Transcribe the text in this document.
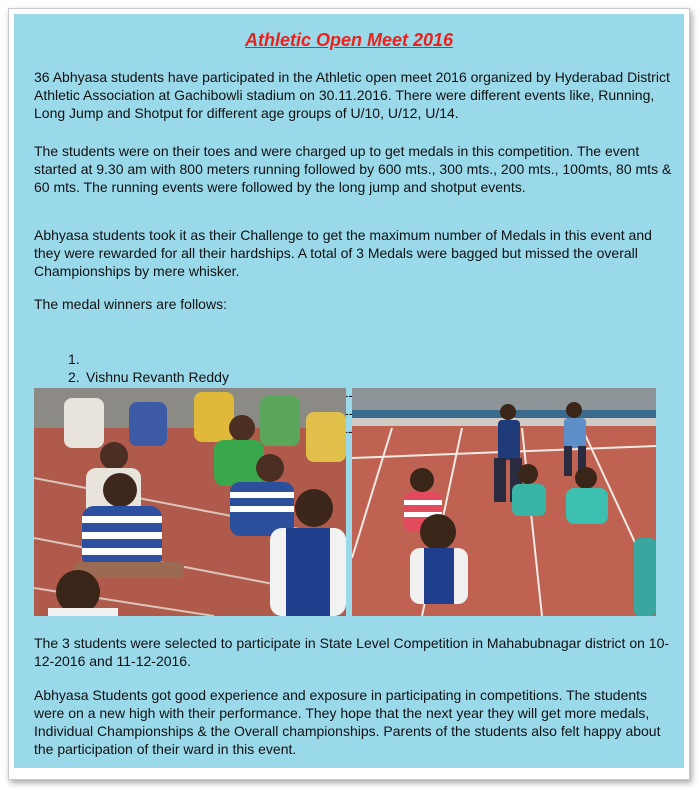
Athletic Open Meet 2016

36 Abhyasa students have participated in the Athletic open meet 2016 organized by Hyderabad District Athletic Association at Gachibowli stadium on 30.11.2016. There were different events like, Running, Long Jump and Shotput for different age groups of U/10, U/12, U/14.

The students were on their toes and were charged up to get medals in this competition. The event started at 9.30 am with 800 meters running followed by 600 mts., 300 mts., 200 mts., 100mts, 80 mts & 60 mts. The running events were followed by the long jump and shotput events.

Abhyasa students took it as their Challenge to get the maximum number of Medals in this event and they were rewarded for all their hardships. A total of 3 Medals were bagged but missed the overall Championships by mere whisker.

The medal winners are follows:

1.

Vishnu Revanth Reddy

2.

The 3 students were selected to participate in State Level Competition in Mahabubnagar district on 10-12-2016 and 11-12-2016.

Abhyasa Students got good experience and exposure in participating in competitions. The students were on a new high with their performance. They hope that the next year they will get more medals, Individual Championships & the Overall championships. Parents of the students also felt happy about the participation of their ward in this event.
